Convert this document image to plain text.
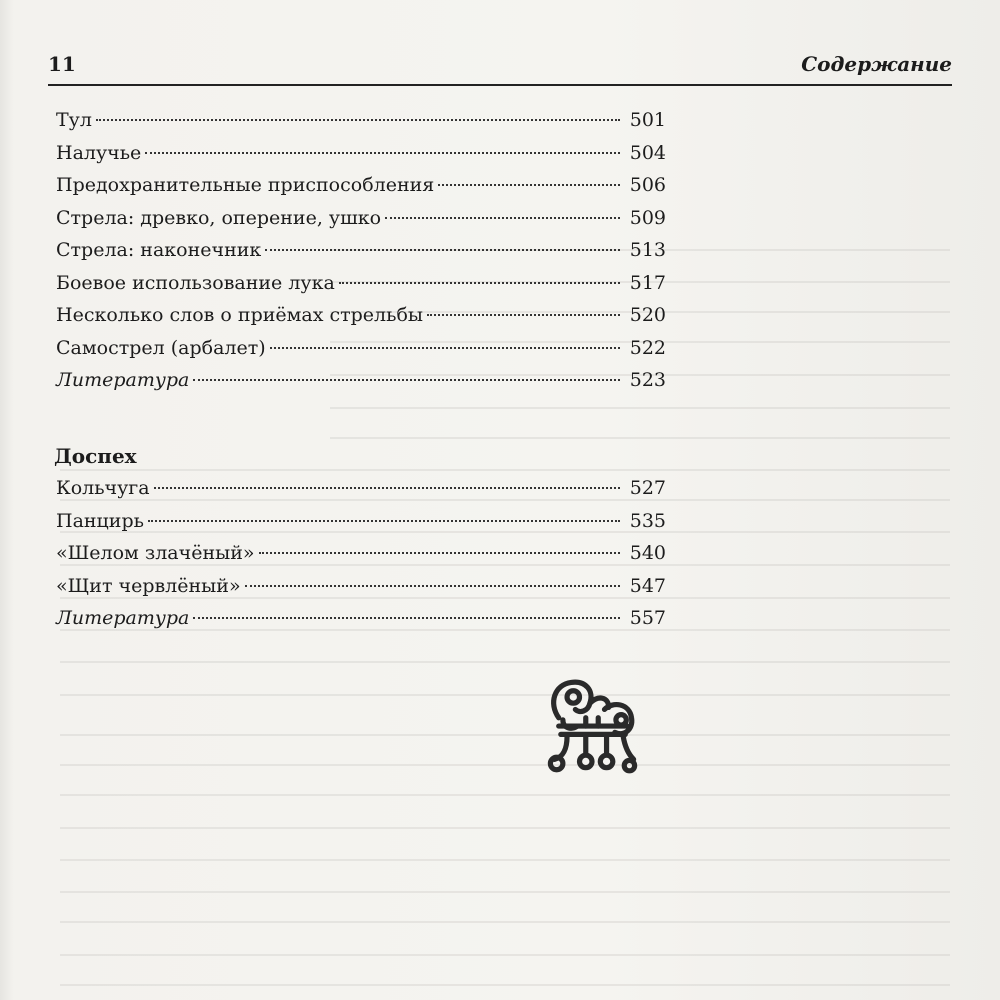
11	Содержание
Тул	501
Налучье	504
Предохранительные приспособления	506
Стрела: древко, оперение, ушко	509
Стрела: наконечник	513
Боевое использование лука	517
Несколько слов о приёмах стрельбы	520
Самострел (арбалет)	522
Литература	523
Доспех
Кольчуга	527
Панцирь	535
«Шелом злачёный»	540
«Щит червлёный»	547
Литература	557
